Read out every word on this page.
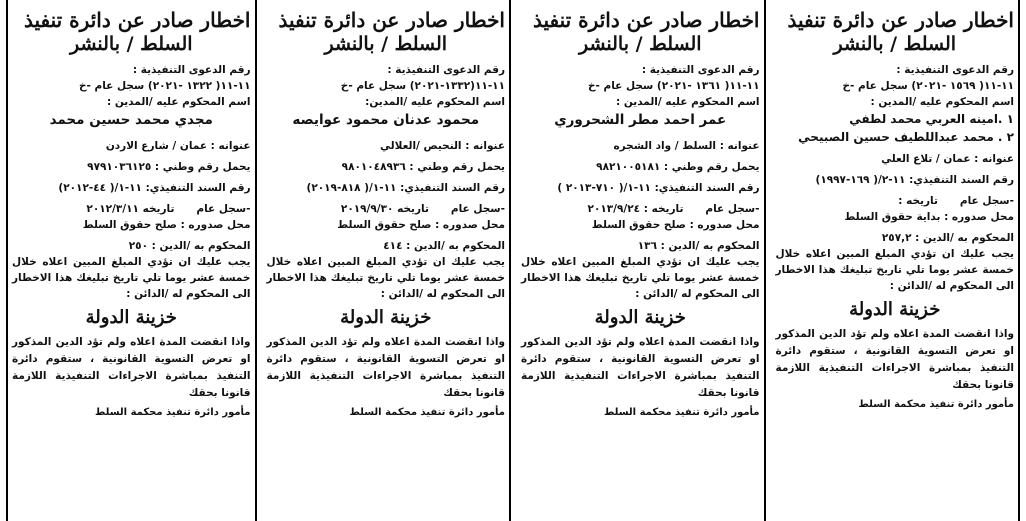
اخطار صادر عن دائرة تنفيذ
السلط / بالنشر
رقم الدعوى التنفيذية :
١١-١١( ١٥٦٩ -٢٠٢١) سجل عام -خ
اسم المحكوم عليه /المدين :
١ .امينه العربي محمد لطفي
٢ . محمد عبداللطيف حسين الصبيحي
عنوانه : عمان / تلاع العلي
رقم السند التنفيذي: ١١-٢/( ١٦٩-١٩٩٧)
-سجل عام
تاريخه :
محل صدوره : بداية حقوق السلط
المحكوم به /الدين : ٢٥٧,٢
يجب عليك ان تؤدي المبلغ المبين اعلاه خلال خمسة عشر يوما تلي تاريخ تبليغك هذا الاخطار الى المحكوم له /الدائن :
خزينة الدولة
واذا انقضت المدة اعلاه ولم تؤد الدين المذكور او تعرض التسوية القانونية ، ستقوم دائرة التنفيذ بمباشرة الاجراءات التنفيذية اللازمة قانونا بحقك
مأمور دائرة تنفيذ محكمة السلط
اخطار صادر عن دائرة تنفيذ
السلط / بالنشر
رقم الدعوى التنفيذية :
١١-١١( ١٣٦١ -٢٠٢١) سجل عام -خ
اسم المحكوم عليه /المدين :
عمر احمد مطر الشحروري
عنوانه : السلط / واد الشجره
يحمل رقم وطني : ٩٨٢١٠٠٥١٨١
رقم السند التنفيذي: ١١-١/( ٧١٠-٢٠١٣ )
-سجل عام
تاريخه : ٢٠١٣/٩/٢٤
محل صدوره : صلح حقوق السلط
المحكوم به /الدين : ١٣٦
يجب عليك ان تؤدي المبلغ المبين اعلاه خلال خمسة عشر يوما تلي تاريخ تبليغك هذا الاخطار الى المحكوم له /الدائن :
خزينة الدولة
واذا انقضت المدة اعلاه ولم تؤد الدين المذكور او تعرض التسوية القانونية ، ستقوم دائرة التنفيذ بمباشرة الاجراءات التنفيذية اللازمة قانونا بحقك
مأمور دائرة تنفيذ محكمة السلط
اخطار صادر عن دائرة تنفيذ
السلط / بالنشر
رقم الدعوى التنفيذية :
١١-١١(١٣٣٢-٢٠٢١) سجل عام -خ
اسم المحكوم عليه /المدين:
محمود عدنان محمود عوايصه
عنوانه : النحيص /العلالي
يحمل رقم وطني : ٩٨٠١٠٤٨٩٣٦
رقم السند التنفيذي: ١١-١/( ٨١٨-٢٠١٩)
-سجل عام
تاريخه ٢٠١٩/٩/٣٠
محل صدوره : صلح حقوق السلط
المحكوم به /الدين : ٤١٤
يجب عليك ان تؤدي المبلغ المبين اعلاه خلال خمسة عشر يوما تلي تاريخ تبليغك هذا الاخطار الى المحكوم له /الدائن :
خزينة الدولة
واذا انقضت المدة اعلاه ولم تؤد الدين المذكور او تعرض التسوية القانونية ، ستقوم دائرة التنفيذ بمباشرة الاجراءات التنفيذية اللازمة قانونا بحقك
مأمور دائرة تنفيذ محكمة السلط
اخطار صادر عن دائرة تنفيذ
السلط / بالنشر
رقم الدعوى التنفيذية :
١١-١١( ١٣٢٢ -٢٠٢١) سجل عام -خ
اسم المحكوم عليه /المدين :
مجدي محمد حسين محمد
عنوانه : عمان / شارع الاردن
يحمل رقم وطني : ٩٧٩١٠٣٦١٢٥
رقم السند التنفيذي: ١١-١/( ٤٤-٢٠١٢)
-سجل عام
تاريخه ٢٠١٢/٣/١١
محل صدوره : صلح حقوق السلط
المحكوم به /الدين : ٢٥٠
يجب عليك ان تؤدي المبلغ المبين اعلاه خلال خمسة عشر يوما تلي تاريخ تبليغك هذا الاخطار الى المحكوم له /الدائن :
خزينة الدولة
واذا انقضت المدة اعلاه ولم تؤد الدين المذكور او تعرض التسوية القانونية ، ستقوم دائرة التنفيذ بمباشرة الاجراءات التنفيذية اللازمة قانونا بحقك
مأمور دائرة تنفيذ محكمة السلط
